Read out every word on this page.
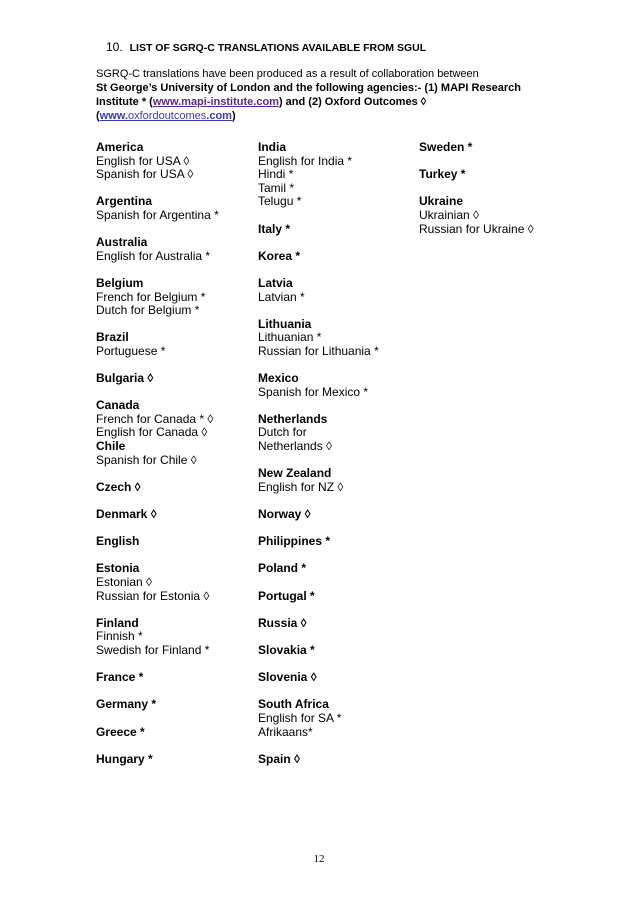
10. LIST OF SGRQ-C TRANSLATIONS AVAILABLE FROM SGUL
SGRQ-C translations have been produced as a result of collaboration between
St George’s University of London and the following agencies:- (1) MAPI Research
Institute * (www.mapi-institute.com) and (2) Oxford Outcomes ◊
(www.oxfordoutcomes.com)
America
English for USA ◊
Spanish for USA ◊
Argentina
Spanish for Argentina *
Australia
English for Australia *
Belgium
French for Belgium *
Dutch for Belgium *
Brazil
Portuguese *
Bulgaria ◊
Canada
French for Canada * ◊
English for Canada ◊
Chile
Spanish for Chile ◊
Czech ◊
Denmark ◊
English
Estonia
Estonian ◊
Russian for Estonia ◊
Finland
Finnish *
Swedish for Finland *
France *
Germany *
Greece *
Hungary *
India
English for India *
Hindi *
Tamil *
Telugu *
Italy *
Korea *
Latvia
Latvian *
Lithuania
Lithuanian *
Russian for Lithuania *
Mexico
Spanish for Mexico *
Netherlands
Dutch for
Netherlands ◊
New Zealand
English for NZ ◊
Norway ◊
Philippines *
Poland *
Portugal *
Russia ◊
Slovakia *
Slovenia ◊
South Africa
English for SA *
Afrikaans*
Spain ◊
Sweden *
Turkey *
Ukraine
Ukrainian ◊
Russian for Ukraine ◊
12
